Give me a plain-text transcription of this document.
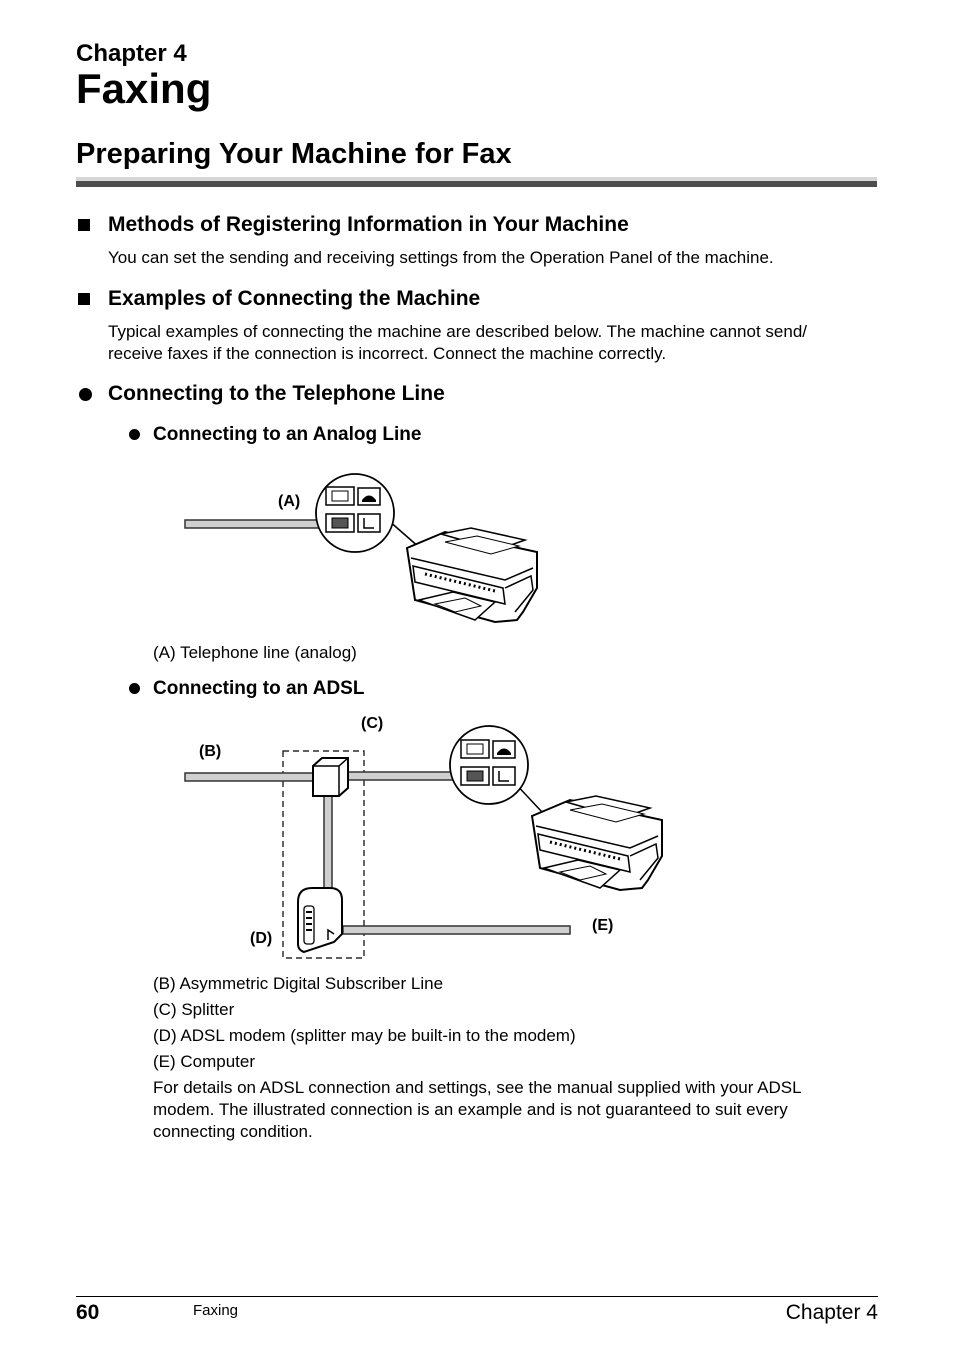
Chapter 4
Faxing
Preparing Your Machine for Fax
Methods of Registering Information in Your Machine
You can set the sending and receiving settings from the Operation Panel of the machine.
Examples of Connecting the Machine
Typical examples of connecting the machine are described below. The machine cannot send/
receive faxes if the connection is incorrect. Connect the machine correctly.
Connecting to the Telephone Line
Connecting to an Analog Line
(A)
(A) Telephone line (analog)
Connecting to an ADSL
(C)
(B)
(D)
(E)
(B) Asymmetric Digital Subscriber Line
(C) Splitter
(D) ADSL modem (splitter may be built-in to the modem)
(E) Computer
For details on ADSL connection and settings, see the manual supplied with your ADSL
modem. The illustrated connection is an example and is not guaranteed to suit every
connecting condition.
60	Faxing	Chapter 4
